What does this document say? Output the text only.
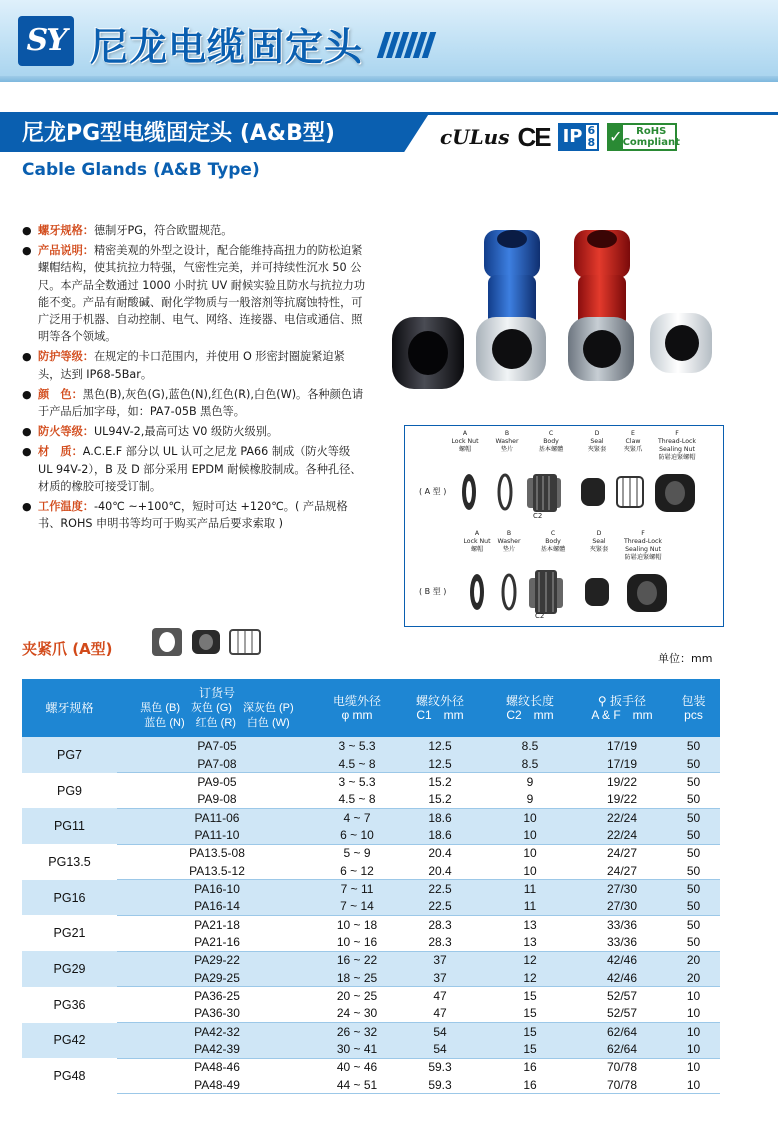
SY 尼龙电缆固定头
尼龙PG型电缆固定头 (A&B型)
Cable Glands (A&B Type)
cULus CE IP 6
8 ✓	RoHS
Compliant
● 螺牙规格：德制牙PG，符合欧盟规范。
● 产品说明：精密美观的外型之设计，配合能维持高扭力的防松迫紧螺帽结构，使其抗拉力特强，气密性完美，并可持续性沉水 50 公尺。本产品全数通过 1000 小时抗 UV 耐候实验且防水与抗拉力功能不变。产品有耐酸碱、耐化学物质与一般溶剂等抗腐蚀特性，可广泛用于机器、自动控制、电气、网络、连接器、电信或通信、照明等各个领域。
● 防护等级：在规定的卡口范围内，并使用 O 形密封圈旋紧迫紧头，达到 IP68-5Bar。
● 颜　色：黑色(B),灰色(G),蓝色(N),红色(R),白色(W)。各种颜色请于产品后加字母，如：PA7-05B 黑色等。
● 防火等级：UL94V-2,最高可达 V0 级防火级别。
● 材　质：A.C.E.F 部分以 UL 认可之尼龙 PA66 制成（防火等级 UL 94V-2），B 及 D 部分采用 EPDM 耐候橡胶制成。各种孔径、材质的橡胶可接受订制。
● 工作温度：-40℃ ~+100℃，短时可达 +120℃。( 产品规格书、ROHS 申明书等均可于购买产品后要求索取 )
A
Lock Nut
螺帽
B
Washer
垫片
C
Body
基本螺體
D
Seal
夾緊套
E
Claw
夾緊爪
F
Thread-Lock Sealing Nut
防鬆迫緊螺帽
( A 型 )
C2
A
Lock Nut
螺帽
B
Washer
垫片
C
Body
基本螺體
D
Seal
夾緊套
F
Thread-Lock Sealing Nut
防鬆迫緊螺帽
( B 型 )
C2
夹紧爪 (A型)
单位：mm
螺牙规格	订货号
黑色 (B)　灰色 (G)　深灰色 (P)
蓝色 (N)　红色 (R)　白色 (W)	电缆外径
φ mm	螺纹外径
C1　mm	螺纹长度
C2　mm	⚲ 扳手径
A & F　mm	包装
pcs
PG7	PA7-05	3 ~ 5.3	12.5	8.5	17/19	50
	PA7-08	4.5 ~ 8	12.5	8.5	17/19	50
PG9	PA9-05	3 ~ 5.3	15.2	9	19/22	50
	PA9-08	4.5 ~ 8	15.2	9	19/22	50
PG11	PA11-06	4 ~ 7	18.6	10	22/24	50
	PA11-10	6 ~ 10	18.6	10	22/24	50
PG13.5	PA13.5-08	5 ~ 9	20.4	10	24/27	50
	PA13.5-12	6 ~ 12	20.4	10	24/27	50
PG16	PA16-10	7 ~ 11	22.5	11	27/30	50
	PA16-14	7 ~ 14	22.5	11	27/30	50
PG21	PA21-18	10 ~ 18	28.3	13	33/36	50
	PA21-16	10 ~ 16	28.3	13	33/36	50
PG29	PA29-22	16 ~ 22	37	12	42/46	20
	PA29-25	18 ~ 25	37	12	42/46	20
PG36	PA36-25	20 ~ 25	47	15	52/57	10
	PA36-30	24 ~ 30	47	15	52/57	10
PG42	PA42-32	26 ~ 32	54	15	62/64	10
	PA42-39	30 ~ 41	54	15	62/64	10
PG48	PA48-46	40 ~ 46	59.3	16	70/78	10
	PA48-49	44 ~ 51	59.3	16	70/78	10
